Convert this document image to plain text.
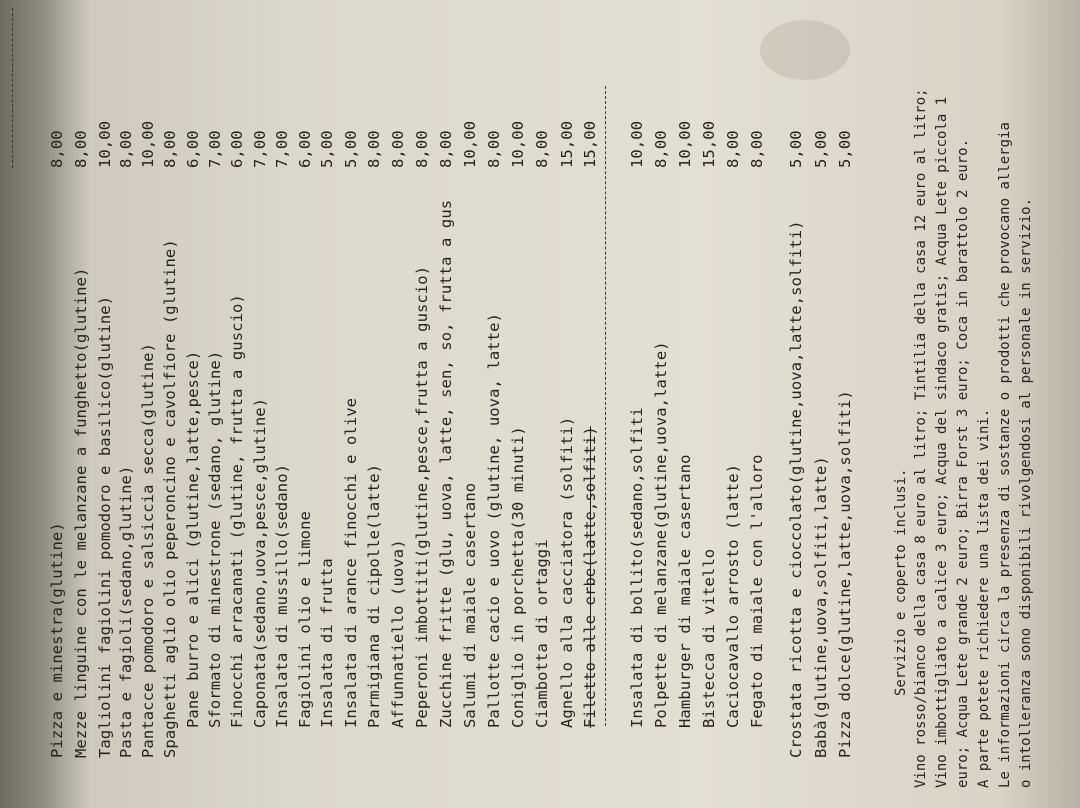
Pizza e minestra(glutine)
8,00
Mezze linguine con le melanzane a funghetto(glutine)
8,00
Tagliolini fagiolini pomodoro e basilico(glutine)
10,00
Pasta e fagioli(sedano,glutine)
8,00
Pantacce pomodoro e salsiccia secca(glutine)
10,00
Spaghetti aglio olio peperoncino e cavolfiore (glutine)
8,00
Pane burro e alici (glutine,latte,pesce)
6,00
Sformato di minestrone (sedano, glutine)
7,00
Finocchi arracanati (glutine, frutta a guscio)
6,00
Caponata(sedano,uova,pesce,glutine)
7,00
Insalata di mussillo(sedano)
7,00
Fagiolini olio e limone
6,00
Insalata di frutta
5,00
Insalata di arance finocchi e olive
5,00
Parmigiana di cipolle(latte)
8,00
Affunnatiello (uova)
8,00
Peperoni imbottiti(glutine,pesce,frutta a guscio)
8,00
Zucchine fritte (glu, uova, latte, sen, so, frutta a gus
8,00
Salumi di maiale casertano
10,00
Pallotte cacio e uovo (glutine, uova, latte)
8,00
Coniglio in porchetta(30 minuti)
10,00
Ciambotta di ortaggi
8,00
Agnello alla cacciatora (solfiti)
15,00
Filetto alle erbe(latte,solfiti)
15,00
Insalata di bollito(sedano,solfiti
10,00
Polpette di melanzane(glutine,uova,latte)
8,00
Hamburger di maiale casertano
10,00
Bistecca di vitello
15,00
Caciocavallo arrosto (latte)
8,00
Fegato di maiale con l'alloro
8,00
Crostata ricotta e cioccolato(glutine,uova,latte,solfiti)
5,00
Babà(glutine,uova,solfiti,latte)
5,00
Pizza dolce(glutine,latte,uova,solfiti)
5,00
Servizio e coperto inclusi. Vino rosso/bianco della casa 8 euro al litro; Tintilia della casa 12 euro al litro; Vino imbottigliato a calice 3 euro; Acqua del sindaco gratis; Acqua Lete piccola 1 euro; Acqua Lete grande 2 euro; Birra Forst 3 euro; Coca in barattolo 2 euro. A parte potete richiedere una lista dei vini. Le informazioni circa la presenza di sostanze o prodotti che provocano allergia o intolleranza sono disponibili rivolgendosi al personale in servizio.
